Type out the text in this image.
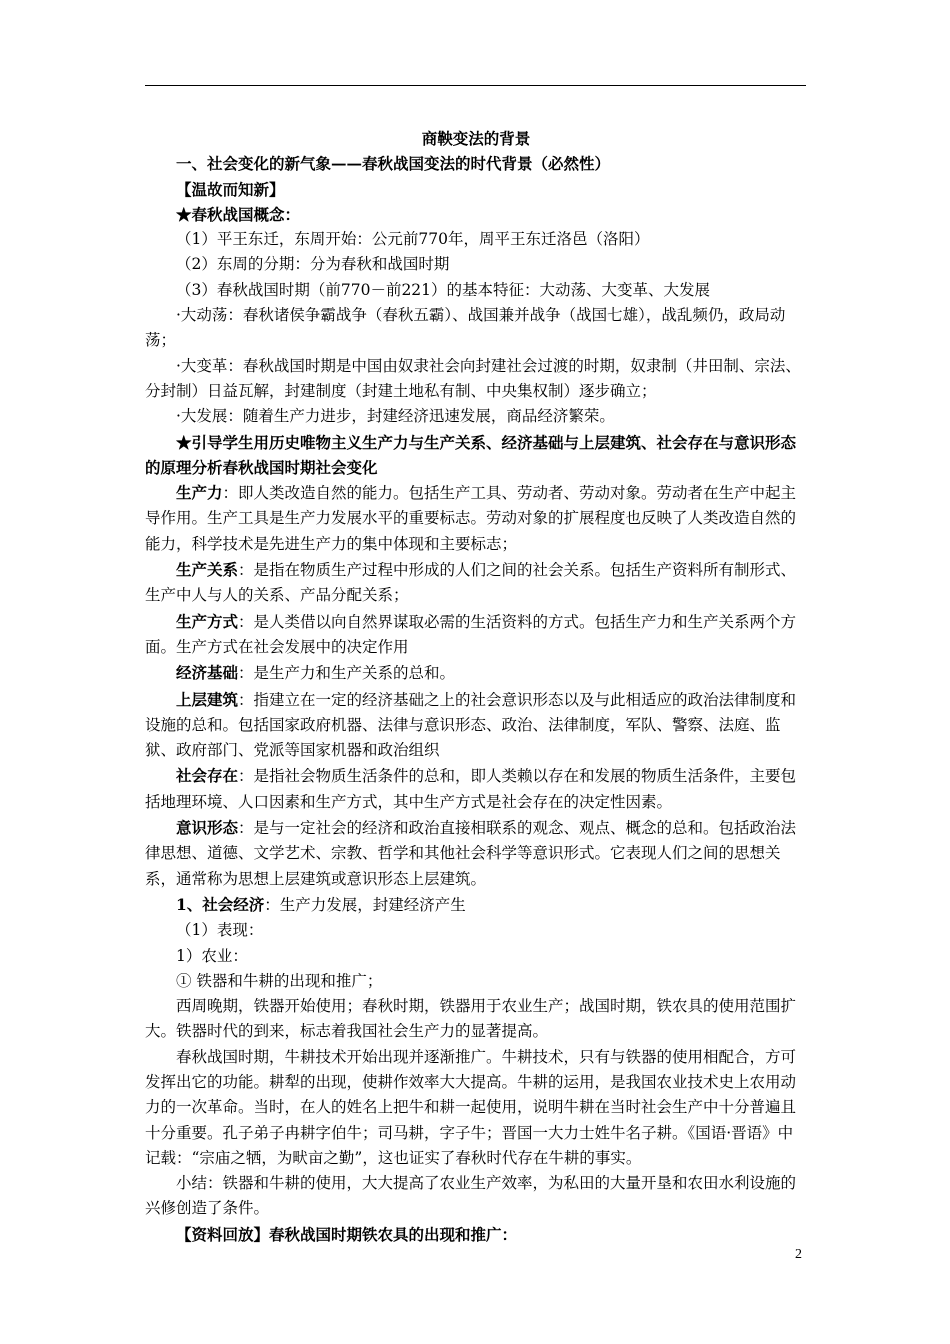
商鞅变法的背景

一、社会变化的新气象——春秋战国变法的时代背景（必然性）

【温故而知新】

★春秋战国概念：

（1）平王东迁，东周开始：公元前770年，周平王东迁洛邑（洛阳）

（2）东周的分期：分为春秋和战国时期

（3）春秋战国时期（前770－前221）的基本特征：大动荡、大变革、大发展

·大动荡：春秋诸侯争霸战争（春秋五霸）、战国兼并战争（战国七雄），战乱频仍，政局动荡；

·大变革：春秋战国时期是中国由奴隶社会向封建社会过渡的时期，奴隶制（井田制、宗法、分封制）日益瓦解，封建制度（封建土地私有制、中央集权制）逐步确立；

·大发展：随着生产力进步，封建经济迅速发展，商品经济繁荣。

★引导学生用历史唯物主义生产力与生产关系、经济基础与上层建筑、社会存在与意识形态的原理分析春秋战国时期社会变化

生产力：即人类改造自然的能力。包括生产工具、劳动者、劳动对象。劳动者在生产中起主导作用。生产工具是生产力发展水平的重要标志。劳动对象的扩展程度也反映了人类改造自然的能力，科学技术是先进生产力的集中体现和主要标志；

生产关系：是指在物质生产过程中形成的人们之间的社会关系。包括生产资料所有制形式、生产中人与人的关系、产品分配关系；

生产方式：是人类借以向自然界谋取必需的生活资料的方式。包括生产力和生产关系两个方面。生产方式在社会发展中的决定作用

经济基础：是生产力和生产关系的总和。

上层建筑：指建立在一定的经济基础之上的社会意识形态以及与此相适应的政治法律制度和设施的总和。包括国家政府机器、法律与意识形态、政治、法律制度，军队、警察、法庭、监狱、政府部门、党派等国家机器和政治组织

社会存在：是指社会物质生活条件的总和，即人类赖以存在和发展的物质生活条件，主要包括地理环境、人口因素和生产方式，其中生产方式是社会存在的决定性因素。

意识形态：是与一定社会的经济和政治直接相联系的观念、观点、概念的总和。包括政治法律思想、道德、文学艺术、宗教、哲学和其他社会科学等意识形式。它表现人们之间的思想关系，通常称为思想上层建筑或意识形态上层建筑。

1、社会经济：生产力发展，封建经济产生

（1）表现：

1）农业：

① 铁器和牛耕的出现和推广；

西周晚期，铁器开始使用；春秋时期，铁器用于农业生产；战国时期，铁农具的使用范围扩大。铁器时代的到来，标志着我国社会生产力的显著提高。

春秋战国时期，牛耕技术开始出现并逐渐推广。牛耕技术，只有与铁器的使用相配合，方可发挥出它的功能。耕犁的出现，使耕作效率大大提高。牛耕的运用，是我国农业技术史上农用动力的一次革命。当时，在人的姓名上把牛和耕一起使用，说明牛耕在当时社会生产中十分普遍且十分重要。孔子弟子冉耕字伯牛；司马耕，字子牛；晋国一大力士姓牛名子耕。《国语·晋语》中记载：“宗庙之牺，为畎亩之勤”，这也证实了春秋时代存在牛耕的事实。

小结：铁器和牛耕的使用，大大提高了农业生产效率，为私田的大量开垦和农田水利设施的兴修创造了条件。

【资料回放】春秋战国时期铁农具的出现和推广：

2
